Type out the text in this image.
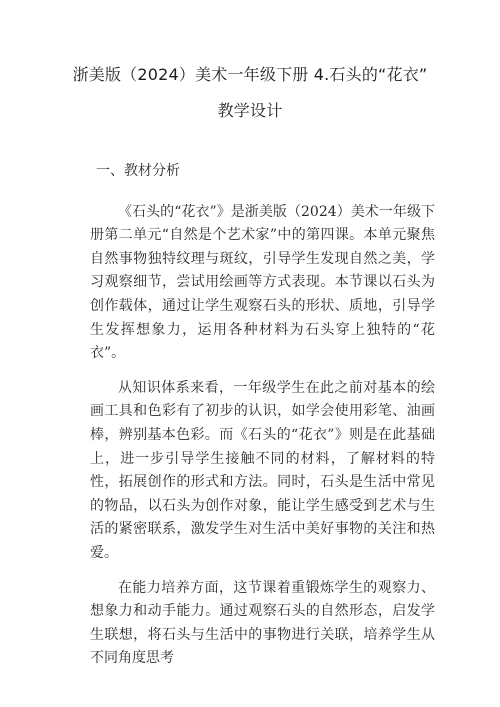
浙美版（2024）美术一年级下册 4.石头的“花衣”
教学设计
一、教材分析

《石头的“花衣”》是浙美版（2024）美术一年级下册第二单元“自然是个艺术家”中的第四课。本单元聚焦自然事物独特纹理与斑纹，引导学生发现自然之美，学习观察细节，尝试用绘画等方式表现。本节课以石头为创作载体，通过让学生观察石头的形状、质地，引导学生发挥想象力，运用各种材料为石头穿上独特的“花衣”。

从知识体系来看，一年级学生在此之前对基本的绘画工具和色彩有了初步的认识，如学会使用彩笔、油画棒，辨别基本色彩。而《石头的“花衣”》则是在此基础上，进一步引导学生接触不同的材料，了解材料的特性，拓展创作的形式和方法。同时，石头是生活中常见的物品，以石头为创作对象，能让学生感受到艺术与生活的紧密联系，激发学生对生活中美好事物的关注和热爱。

在能力培养方面，这节课着重锻炼学生的观察力、想象力和动手能力。通过观察石头的自然形态，启发学生联想，将石头与生活中的事物进行关联，培养学生从不同角度思考
